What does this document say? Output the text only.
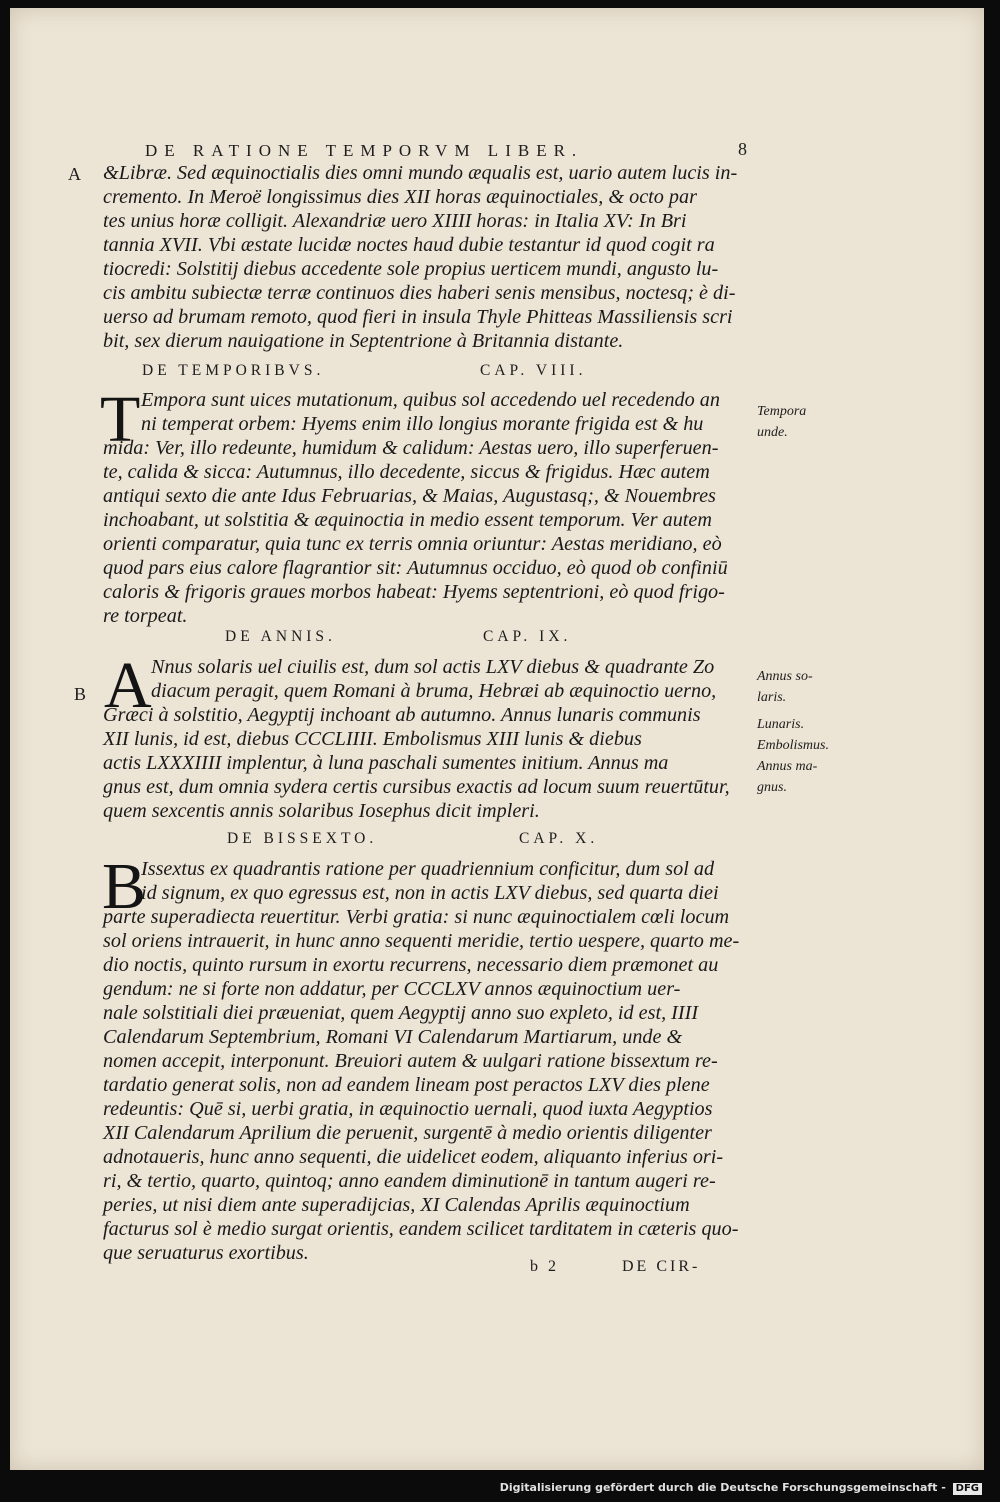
DE RATIONE TEMPORVM LIBER.	8
A &Libræ. Sed æquinoctialis dies omni mundo æqualis est, uario autem lucis in-
cremento. In Meroë longissimus dies XII horas æquinoctiales, & octo par
tes unius horæ colligit. Alexandriæ uero XIIII horas: in Italia XV: In Bri
tannia XVII. Vbi æstate lucidæ noctes haud dubie testantur id quod cogit ra
tiocredi: Solstitij diebus accedente sole propius uerticem mundi, angusto lu-
cis ambitu subiectæ terræ continuos dies haberi senis mensibus, noctesq; è di-
uerso ad brumam remoto, quod fieri in insula Thyle Phitteas Massiliensis scri
bit, sex dierum nauigatione in Septentrione à Britannia distante.
DE TEMPORIBVS.	CAP. VIII.
T Empora sunt uices mutationum, quibus sol accedendo uel recedendo an
ni temperat orbem: Hyems enim illo longius morante frigida est & hu
mida: Ver, illo redeunte, humidum & calidum: Aestas uero, illo superferuen-
te, calida & sicca: Autumnus, illo decedente, siccus & frigidus. Hæc autem
antiqui sexto die ante Idus Februarias, & Maias, Augustasq;, & Nouembres
inchoabant, ut solstitia & æquinoctia in medio essent temporum. Ver autem
orienti comparatur, quia tunc ex terris omnia oriuntur: Aestas meridiano, eò
quod pars eius calore flagrantior sit: Autumnus occiduo, eò quod ob confiniū
caloris & frigoris graues morbos habeat: Hyems septentrioni, eò quod frigo-
re torpeat.
Tempora
unde.
DE ANNIS.	CAP. IX.
B A Nnus solaris uel ciuilis est, dum sol actis LXV diebus & quadrante Zo
diacum peragit, quem Romani à bruma, Hebræi ab æquinoctio uerno,
Græci à solstitio, Aegyptij inchoant ab autumno. Annus lunaris communis
XII lunis, id est, diebus CCCLIIII. Embolismus XIII lunis & diebus
actis LXXXIIII implentur, à luna paschali sumentes initium. Annus ma
gnus est, dum omnia sydera certis cursibus exactis ad locum suum reuertūtur,
quem sexcentis annis solaribus Iosephus dicit impleri.
Annus so-
laris.
Lunaris.
Embolismus.
Annus ma-
gnus.
DE BISSEXTO.	CAP. X.
B
Issextus ex quadrantis ratione per quadriennium conficitur, dum sol ad
id signum, ex quo egressus est, non in actis LXV diebus, sed quarta diei
parte superadiecta reuertitur. Verbi gratia: si nunc æquinoctialem cœli locum
sol oriens intrauerit, in hunc anno sequenti meridie, tertio uespere, quarto me-
dio noctis, quinto rursum in exortu recurrens, necessario diem præmonet au
gendum: ne si forte non addatur, per CCCLXV annos æquinoctium uer-
nale solstitiali diei præueniat, quem Aegyptij anno suo expleto, id est, IIII
Calendarum Septembrium, Romani VI Calendarum Martiarum, unde &
nomen accepit, interponunt. Breuiori autem & uulgari ratione bissextum re-
tardatio generat solis, non ad eandem lineam post peractos LXV dies plene
redeuntis: Quē si, uerbi gratia, in æquinoctio uernali, quod iuxta Aegyptios
XII Calendarum Aprilium die peruenit, surgentē à medio orientis diligenter
adnotaueris, hunc anno sequenti, die uidelicet eodem, aliquanto inferius ori-
ri, & tertio, quarto, quintoq; anno eandem diminutionē in tantum augeri re-
peries, ut nisi diem ante superadijcias, XI Calendas Aprilis æquinoctium
facturus sol è medio surgat orientis, eandem scilicet tarditatem in cæteris quo-
que seruaturus exortibus.
b 2	DE CIR-
Digitalisierung gefördert durch die Deutsche Forschungsgemeinschaft - DFG
